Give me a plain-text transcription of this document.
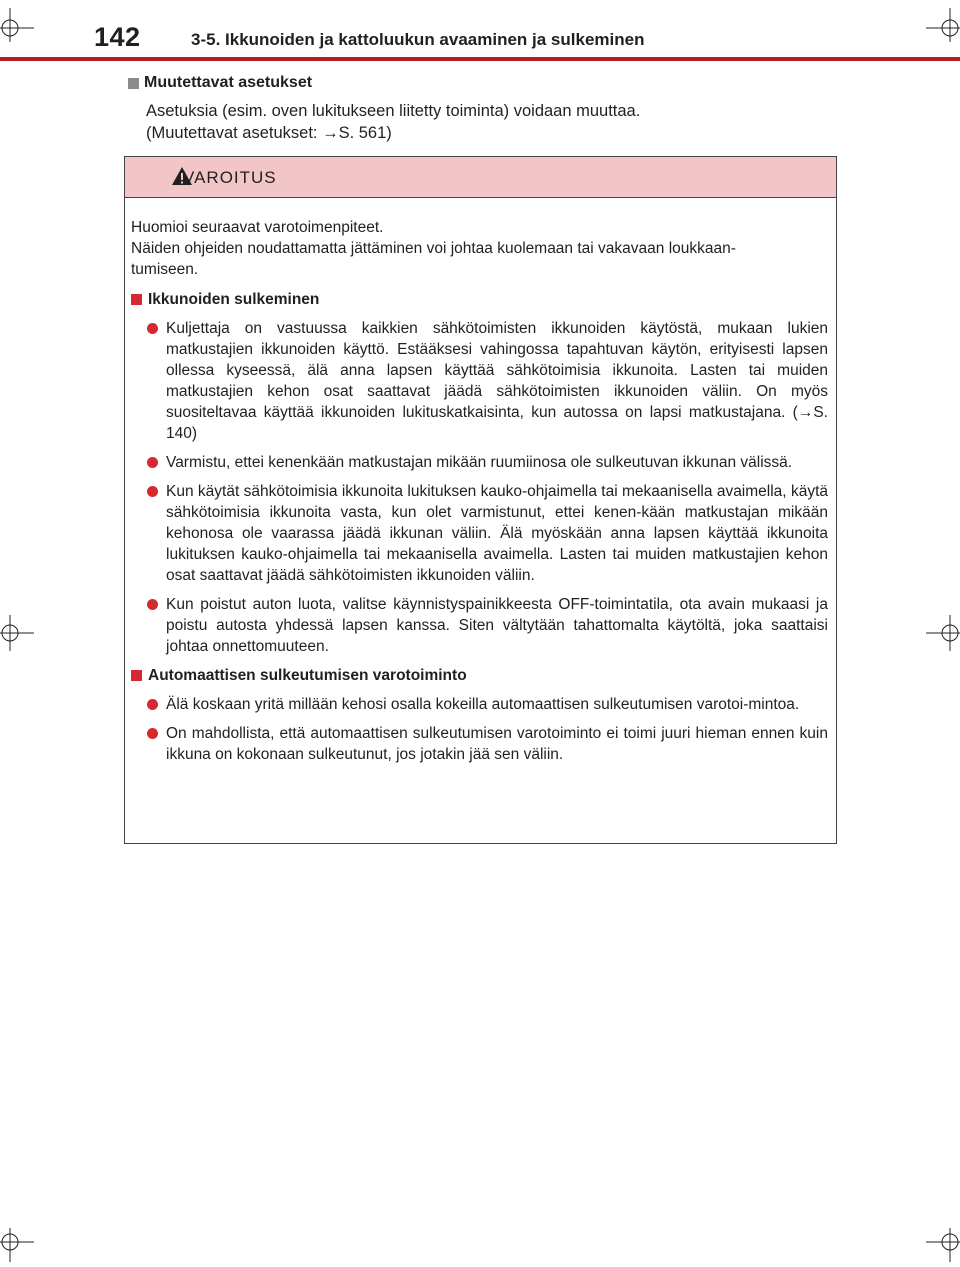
142	3-5. Ikkunoiden ja kattoluukun avaaminen ja sulkeminen
Muutettavat asetukset
Asetuksia (esim. oven lukitukseen liitetty toiminta) voidaan muuttaa.
(Muutettavat asetukset: →S. 561)
VAROITUS
Huomioi seuraavat varotoimenpiteet.
Näiden ohjeiden noudattamatta jättäminen voi johtaa kuolemaan tai vakavaan loukkaan-
tumiseen.
Ikkunoiden sulkeminen
Kuljettaja on vastuussa kaikkien sähkötoimisten ikkunoiden käytöstä, mukaan lukien matkustajien ikkunoiden käyttö. Estääksesi vahingossa tapahtuvan käytön, erityisesti lapsen ollessa kyseessä, älä anna lapsen käyttää sähkötoimisia ikkunoita. Lasten tai muiden matkustajien kehon osat saattavat jäädä sähkötoimisten ikkunoiden väliin. On myös suositeltavaa käyttää ikkunoiden lukituskatkaisinta, kun autossa on lapsi matkustajana. (→S. 140)
Varmistu, ettei kenenkään matkustajan mikään ruumiinosa ole sulkeutuvan ikkunan välissä.
Kun käytät sähkötoimisia ikkunoita lukituksen kauko-ohjaimella tai mekaanisella avaimella, käytä sähkötoimisia ikkunoita vasta, kun olet varmistunut, ettei kenen-kään matkustajan mikään kehonosa ole vaarassa jäädä ikkunan väliin. Älä myöskään anna lapsen käyttää ikkunoita lukituksen kauko-ohjaimella tai mekaanisella avaimella. Lasten tai muiden matkustajien kehon osat saattavat jäädä sähkötoimisten ikkunoiden väliin.
Kun poistut auton luota, valitse käynnistyspainikkeesta OFF-toimintatila, ota avain mukaasi ja poistu autosta yhdessä lapsen kanssa. Siten vältytään tahattomalta käytöltä, joka saattaisi johtaa onnettomuuteen.
Automaattisen sulkeutumisen varotoiminto
Älä koskaan yritä millään kehosi osalla kokeilla automaattisen sulkeutumisen varotoi-mintoa.
On mahdollista, että automaattisen sulkeutumisen varotoiminto ei toimi juuri hieman ennen kuin ikkuna on kokonaan sulkeutunut, jos jotakin jää sen väliin.
